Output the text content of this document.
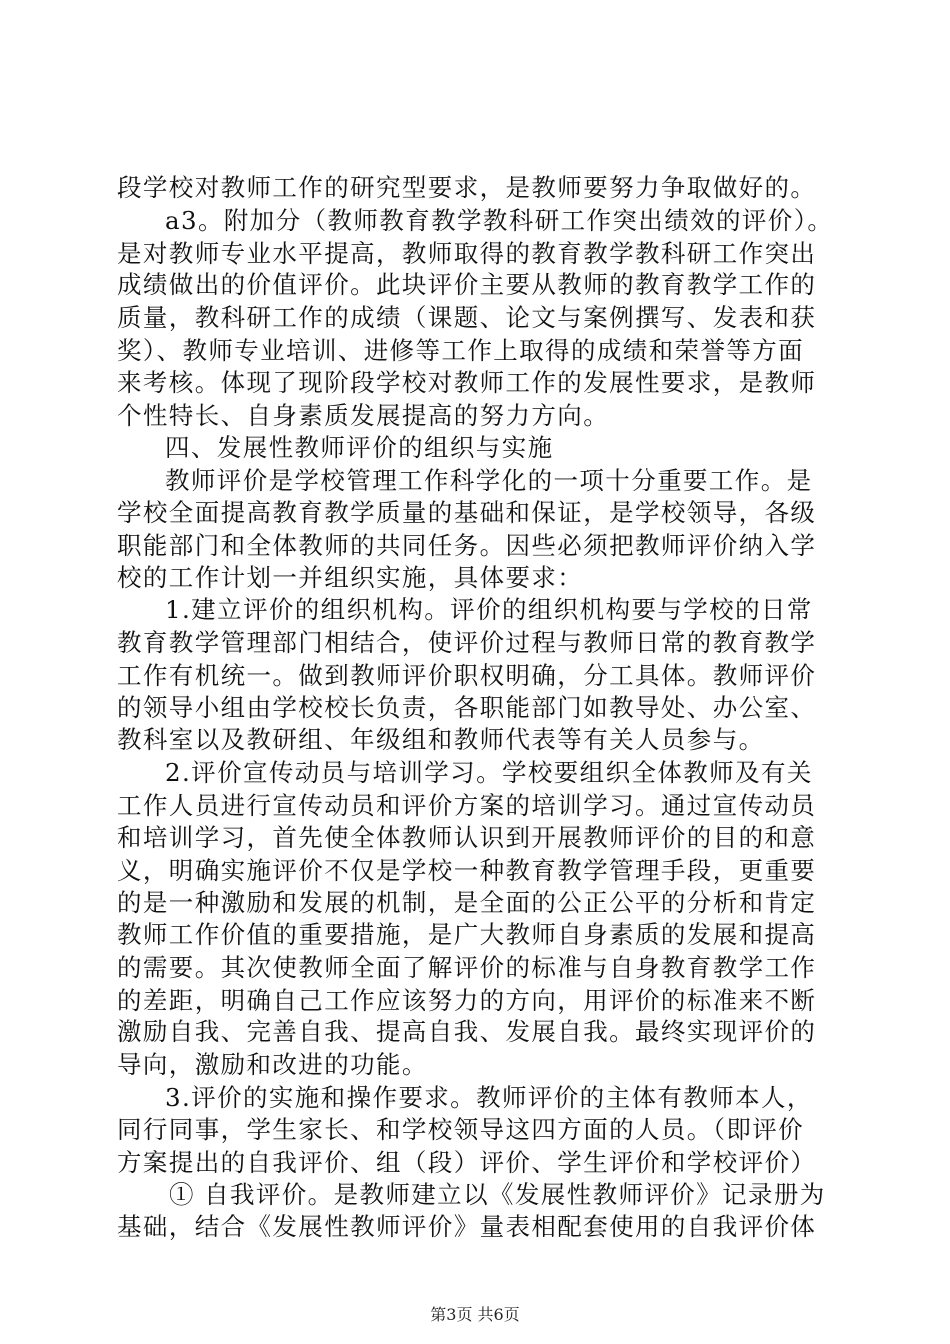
段学校对教师工作的研究型要求，是教师要努力争取做好的。
a3。附加分（教师教育教学教科研工作突出绩效的评价）。
是对教师专业水平提高，教师取得的教育教学教科研工作突出
成绩做出的价值评价。此块评价主要从教师的教育教学工作的
质量，教科研工作的成绩（课题、论文与案例撰写、发表和获
奖）、教师专业培训、进修等工作上取得的成绩和荣誉等方面
来考核。体现了现阶段学校对教师工作的发展性要求，是教师
个性特长、自身素质发展提高的努力方向。
四、发展性教师评价的组织与实施
教师评价是学校管理工作科学化的一项十分重要工作。是
学校全面提高教育教学质量的基础和保证，是学校领导，各级
职能部门和全体教师的共同任务。因些必须把教师评价纳入学
校的工作计划一并组织实施，具体要求：
1.建立评价的组织机构。评价的组织机构要与学校的日常
教育教学管理部门相结合，使评价过程与教师日常的教育教学
工作有机统一。做到教师评价职权明确，分工具体。教师评价
的领导小组由学校校长负责，各职能部门如教导处、办公室、
教科室以及教研组、年级组和教师代表等有关人员参与。
2.评价宣传动员与培训学习。学校要组织全体教师及有关
工作人员进行宣传动员和评价方案的培训学习。通过宣传动员
和培训学习，首先使全体教师认识到开展教师评价的目的和意
义，明确实施评价不仅是学校一种教育教学管理手段，更重要
的是一种激励和发展的机制，是全面的公正公平的分析和肯定
教师工作价值的重要措施，是广大教师自身素质的发展和提高
的需要。其次使教师全面了解评价的标准与自身教育教学工作
的差距，明确自己工作应该努力的方向，用评价的标准来不断
激励自我、完善自我、提高自我、发展自我。最终实现评价的
导向，激励和改进的功能。
3.评价的实施和操作要求。教师评价的主体有教师本人，
同行同事，学生家长、和学校领导这四方面的人员。（即评价
方案提出的自我评价、组（段）评价、学生评价和学校评价）
① 自我评价。是教师建立以《发展性教师评价》记录册为
基础，结合《发展性教师评价》量表相配套使用的自我评价体
第3页 共6页
